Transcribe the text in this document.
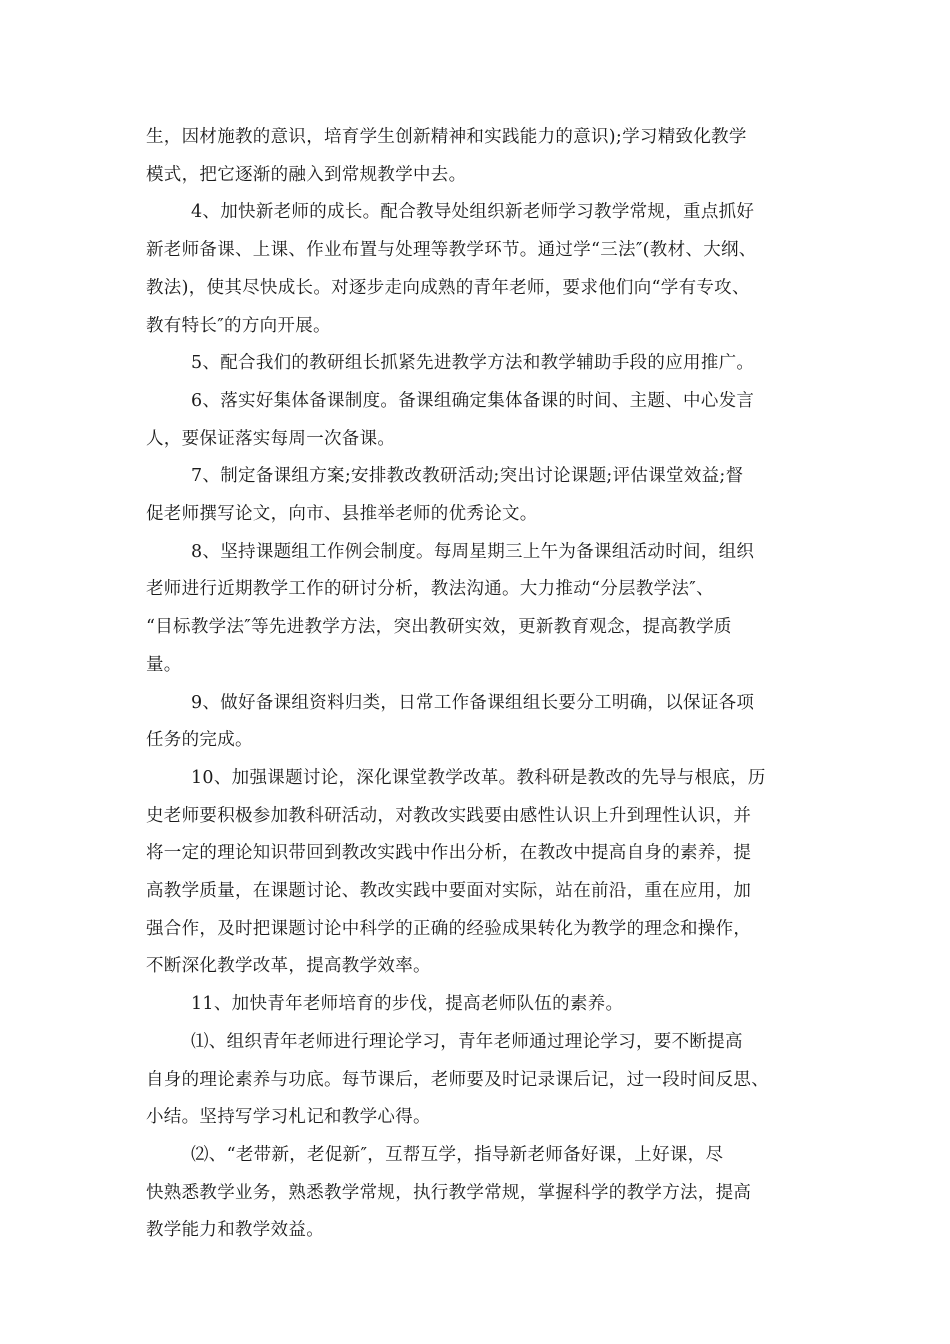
生，因材施教的意识，培育学生创新精神和实践能力的意识);学习精致化教学
模式，把它逐渐的融入到常规教学中去。
4、加快新老师的成长。配合教导处组织新老师学习教学常规，重点抓好
新老师备课、上课、作业布置与处理等教学环节。通过学“三法″(教材、大纲、
教法)，使其尽快成长。对逐步走向成熟的青年老师，要求他们向“学有专攻、
教有特长″的方向开展。
5、配合我们的教研组长抓紧先进教学方法和教学辅助手段的应用推广。
6、落实好集体备课制度。备课组确定集体备课的时间、主题、中心发言
人，要保证落实每周一次备课。
7、制定备课组方案;安排教改教研活动;突出讨论课题;评估课堂效益;督
促老师撰写论文，向市、县推举老师的优秀论文。
8、坚持课题组工作例会制度。每周星期三上午为备课组活动时间，组织
老师进行近期教学工作的研讨分析，教法沟通。大力推动“分层教学法″、
“目标教学法″等先进教学方法，突出教研实效，更新教育观念，提高教学质
量。
9、做好备课组资料归类，日常工作备课组组长要分工明确，以保证各项
任务的完成。
10、加强课题讨论，深化课堂教学改革。教科研是教改的先导与根底，历
史老师要积极参加教科研活动，对教改实践要由感性认识上升到理性认识，并
将一定的理论知识带回到教改实践中作出分析，在教改中提高自身的素养，提
高教学质量，在课题讨论、教改实践中要面对实际，站在前沿，重在应用，加
强合作，及时把课题讨论中科学的正确的经验成果转化为教学的理念和操作，
不断深化教学改革，提高教学效率。
11、加快青年老师培育的步伐，提高老师队伍的素养。
⑴、组织青年老师进行理论学习，青年老师通过理论学习，要不断提高
自身的理论素养与功底。每节课后，老师要及时记录课后记，过一段时间反思、
小结。坚持写学习札记和教学心得。
⑵、“老带新，老促新″，互帮互学，指导新老师备好课，上好课，尽
快熟悉教学业务，熟悉教学常规，执行教学常规，掌握科学的教学方法，提高
教学能力和教学效益。
